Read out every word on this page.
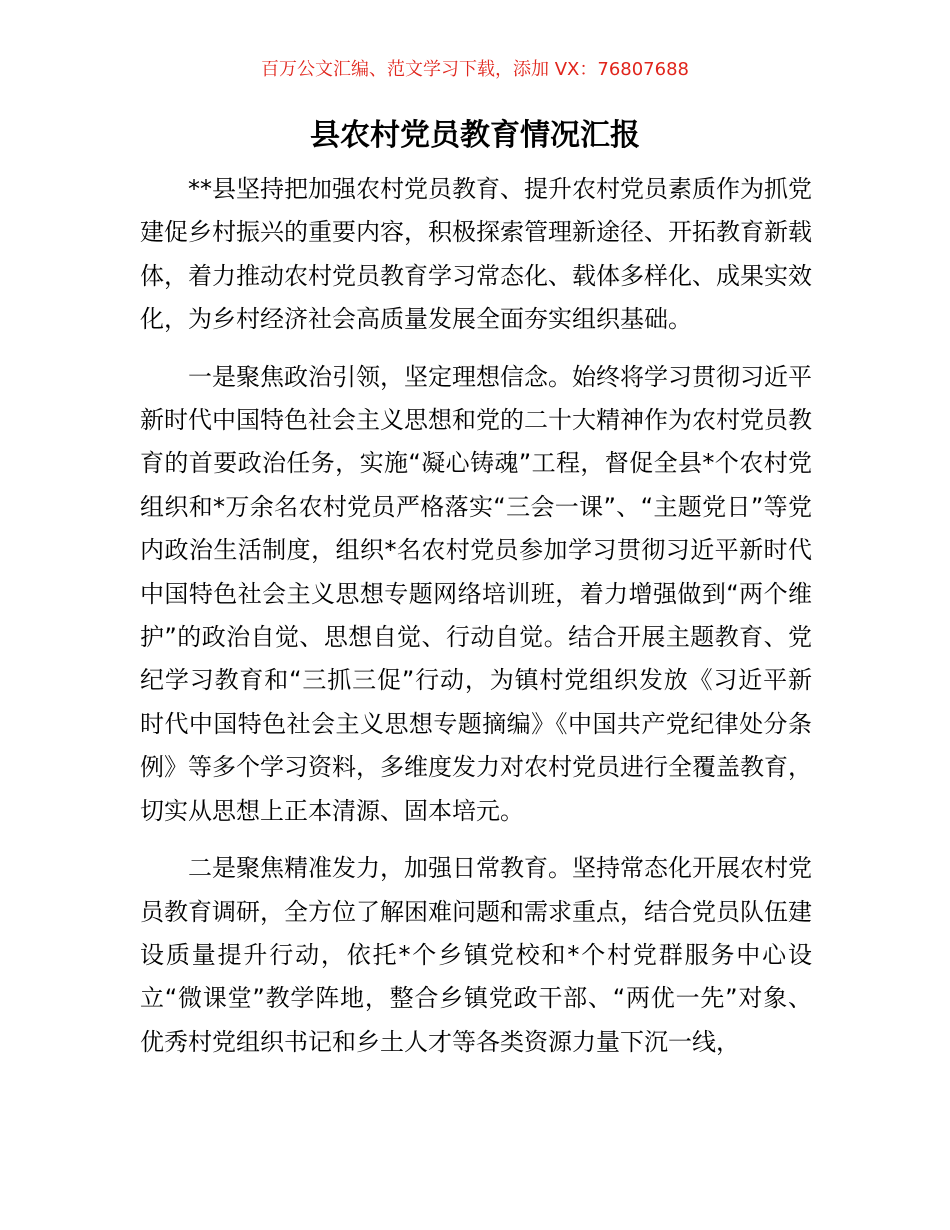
百万公文汇编、范文学习下载，添加 VX：76807688
县农村党员教育情况汇报

**县坚持把加强农村党员教育、提升农村党员素质作为抓党建促乡村振兴的重要内容，积极探索管理新途径、开拓教育新载体，着力推动农村党员教育学习常态化、载体多样化、成果实效化，为乡村经济社会高质量发展全面夯实组织基础。

一是聚焦政治引领，坚定理想信念。始终将学习贯彻习近平新时代中国特色社会主义思想和党的二十大精神作为农村党员教育的首要政治任务，实施“凝心铸魂”工程，督促全县*个农村党组织和*万余名农村党员严格落实“三会一课”、“主题党日”等党内政治生活制度，组织*名农村党员参加学习贯彻习近平新时代中国特色社会主义思想专题网络培训班，着力增强做到“两个维护”的政治自觉、思想自觉、行动自觉。结合开展主题教育、党纪学习教育和“三抓三促”行动，为镇村党组织发放《习近平新时代中国特色社会主义思想专题摘编》《中国共产党纪律处分条例》等多个学习资料，多维度发力对农村党员进行全覆盖教育，切实从思想上正本清源、固本培元。

二是聚焦精准发力，加强日常教育。坚持常态化开展农村党员教育调研，全方位了解困难问题和需求重点，结合党员队伍建设质量提升行动，依托*个乡镇党校和*个村党群服务中心设立“微课堂”教学阵地，整合乡镇党政干部、“两优一先”对象、优秀村党组织书记和乡土人才等各类资源力量下沉一线，
